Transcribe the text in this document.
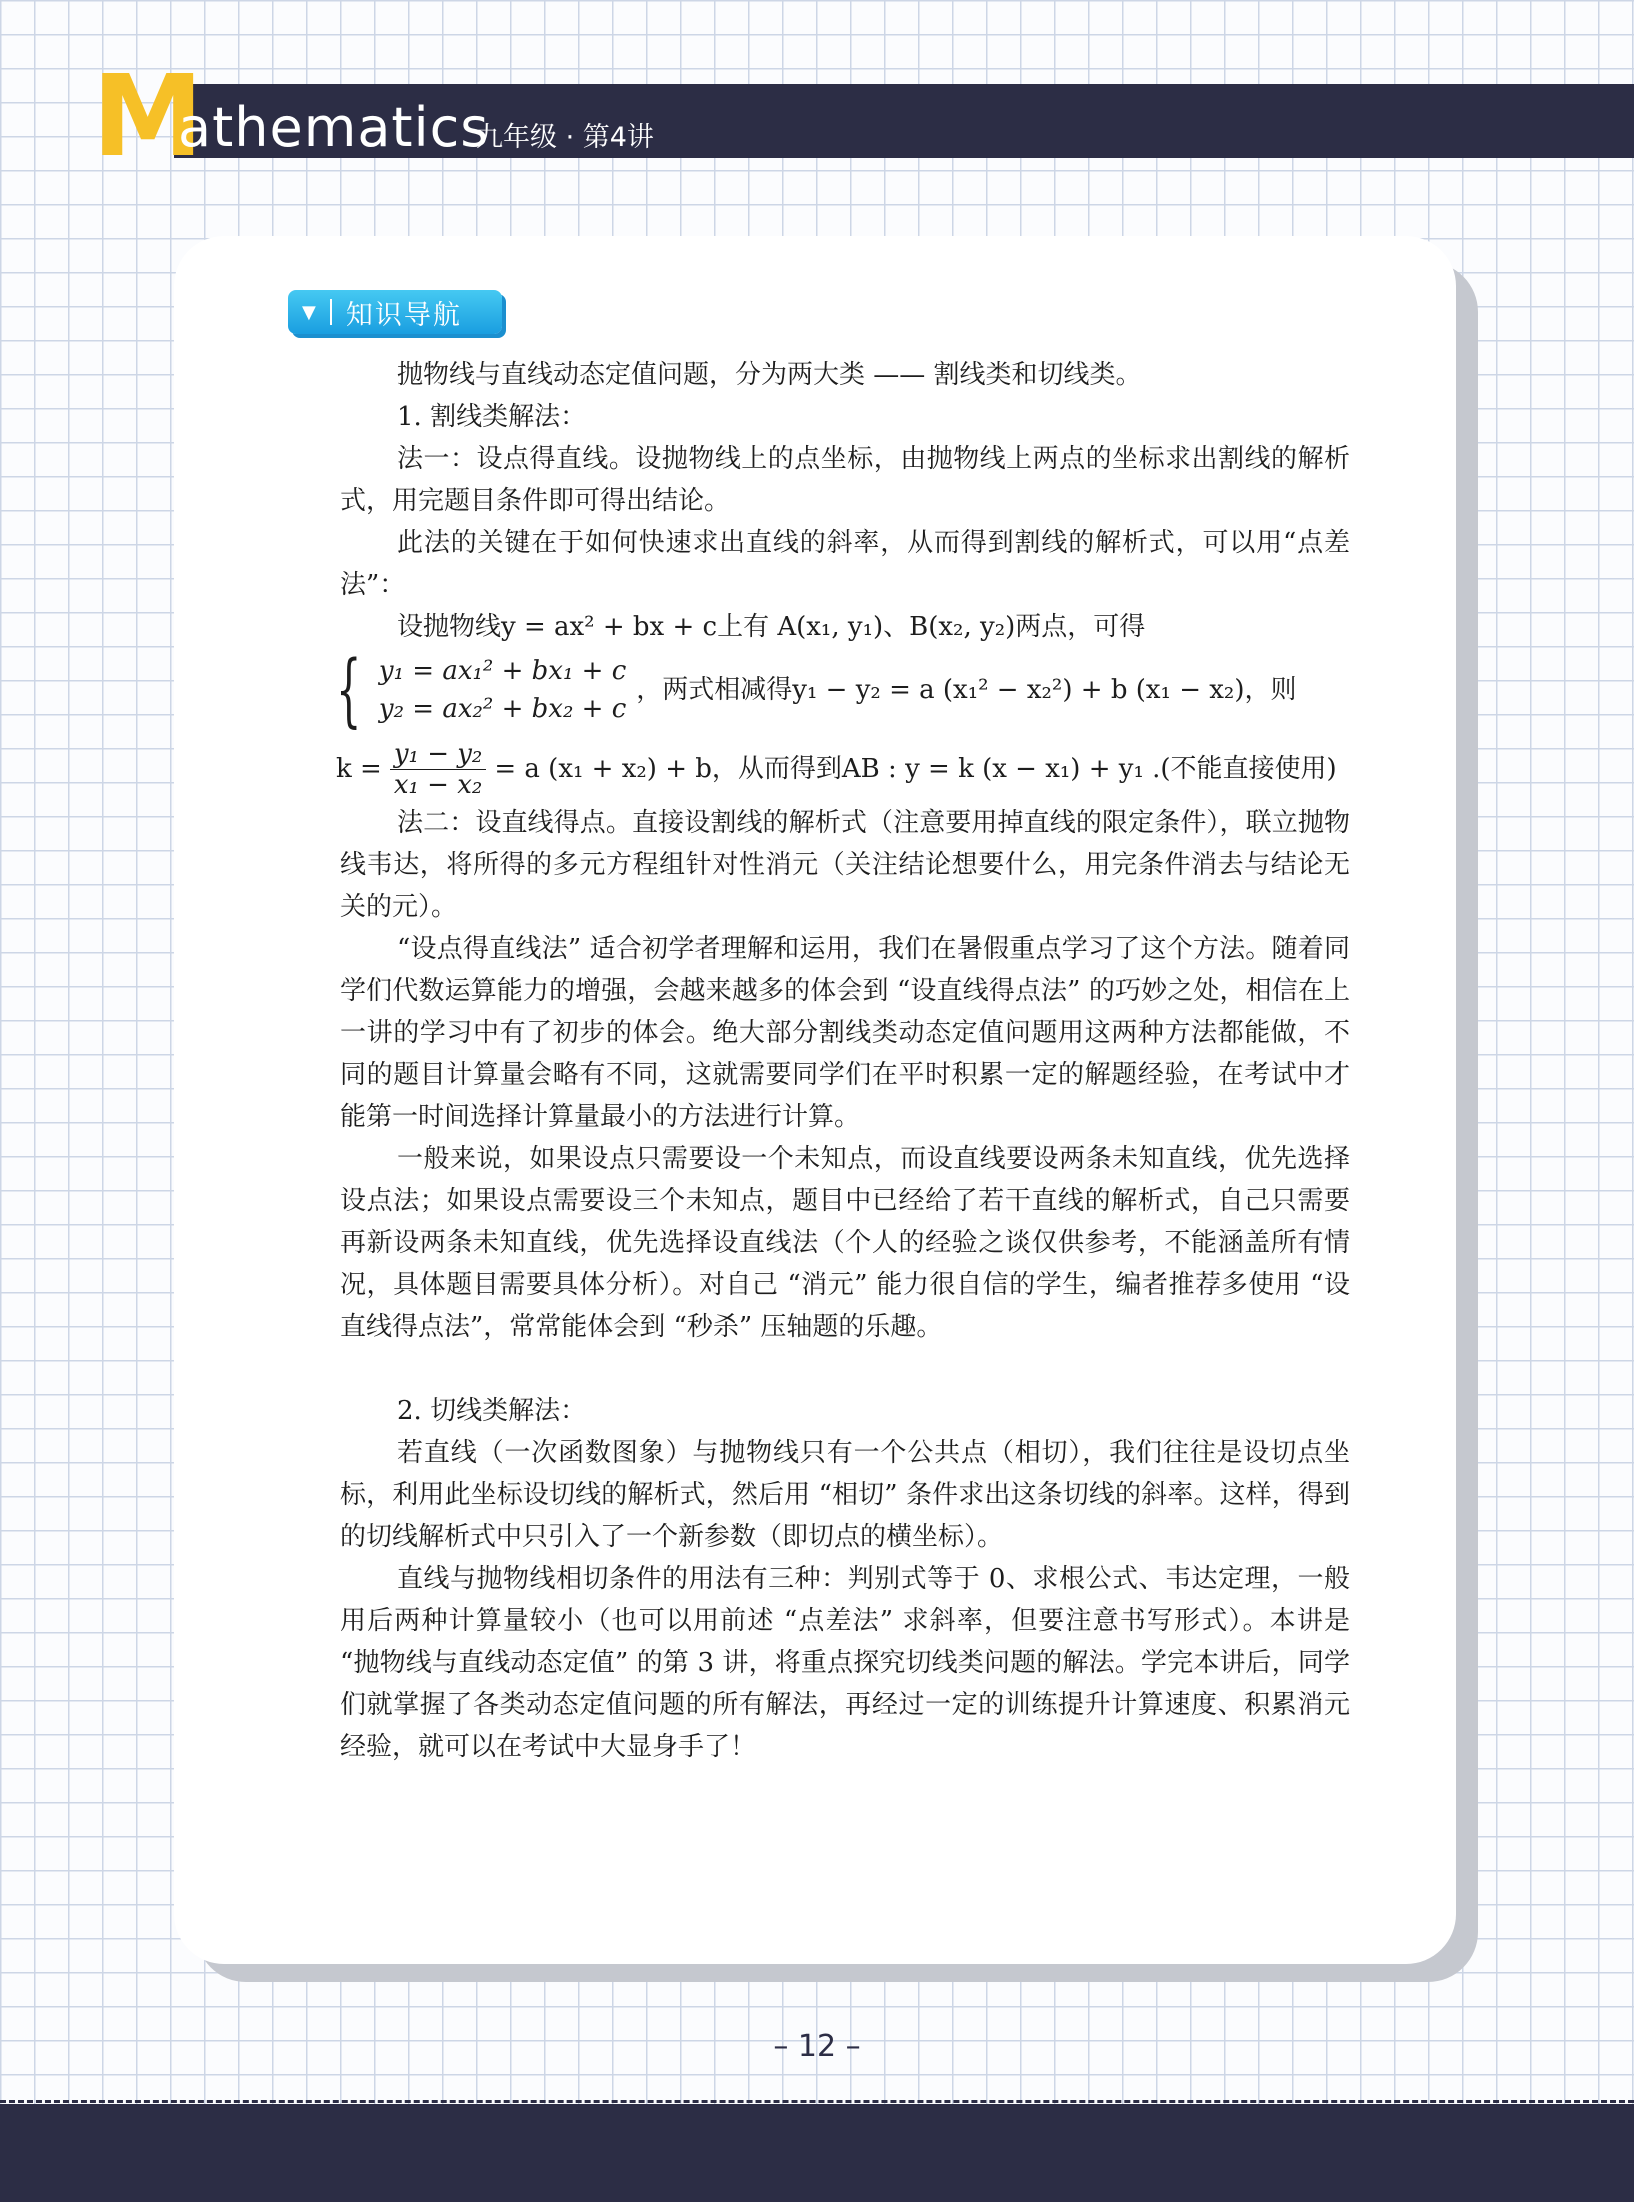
M
athematics
九年级 · 第4讲
▼ 知识导航

抛物线与直线动态定值问题，分为两大类 —— 割线类和切线类。

1. 割线类解法：

法一：设点得直线。设抛物线上的点坐标，由抛物线上两点的坐标求出割线的解析式，用完题目条件即可得出结论。

此法的关键在于如何快速求出直线的斜率，从而得到割线的解析式，可以用“点差法”：

设抛物线y = ax² + bx + c上有 A(x₁, y₁)、B(x₂, y₂)两点，可得

{ y₁ = ax₁² + bx₁ + c
y₂ = ax₂² + bx₂ + c
，两式相减得y₁ − y₂ = a (x₁² − x₂²) + b (x₁ − x₂)，则
$k = \frac{\text{y₁ − y₂}}{\text{x₁ − x₂}} = a$ (x₁ + x₂) + b，从而得到AB : y = k (x − x₁) + y₁ .(不能直接使用)

法二：设直线得点。直接设割线的解析式（注意要用掉直线的限定条件），联立抛物线韦达，将所得的多元方程组针对性消元（关注结论想要什么，用完条件消去与结论无关的元）。

“设点得直线法” 适合初学者理解和运用，我们在暑假重点学习了这个方法。随着同学们代数运算能力的增强，会越来越多的体会到 “设直线得点法” 的巧妙之处，相信在上一讲的学习中有了初步的体会。绝大部分割线类动态定值问题用这两种方法都能做，不同的题目计算量会略有不同，这就需要同学们在平时积累一定的解题经验，在考试中才能第一时间选择计算量最小的方法进行计算。

一般来说，如果设点只需要设一个未知点，而设直线要设两条未知直线，优先选择设点法；如果设点需要设三个未知点，题目中已经给了若干直线的解析式，自己只需要再新设两条未知直线，优先选择设直线法（个人的经验之谈仅供参考，不能涵盖所有情况，具体题目需要具体分析）。对自己 “消元” 能力很自信的学生，编者推荐多使用 “设直线得点法”，常常能体会到 “秒杀” 压轴题的乐趣。

2. 切线类解法：

若直线（一次函数图象）与抛物线只有一个公共点（相切），我们往往是设切点坐标，利用此坐标设切线的解析式，然后用 “相切” 条件求出这条切线的斜率。这样，得到的切线解析式中只引入了一个新参数（即切点的横坐标）。

直线与抛物线相切条件的用法有三种：判别式等于 0、求根公式、韦达定理，一般用后两种计算量较小（也可以用前述 “点差法” 求斜率，但要注意书写形式）。本讲是 “抛物线与直线动态定值” 的第 3 讲，将重点探究切线类问题的解法。学完本讲后，同学们就掌握了各类动态定值问题的所有解法，再经过一定的训练提升计算速度、积累消元经验，就可以在考试中大显身手了！

– 12 –
